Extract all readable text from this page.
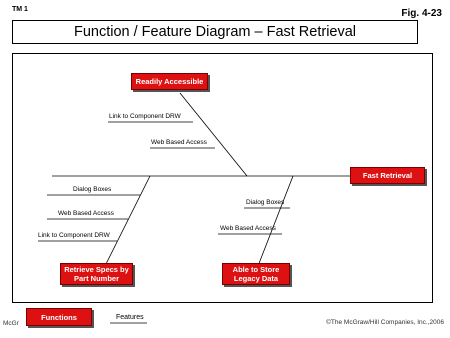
TM 1	Fig. 4-23
Function / Feature Diagram – Fast Retrieval
Readily Accessible
Fast Retrieval
Retrieve Specs by
Part Number
Able to Store
Legacy Data
Link to Component DRW
Web Based Access
Dialog Boxes
Web Based Access
Link to Component DRW
Dialog Boxes
Web Based Access
Functions	Features
McGr	©The McGraw/Hill Companies, Inc.,2006
